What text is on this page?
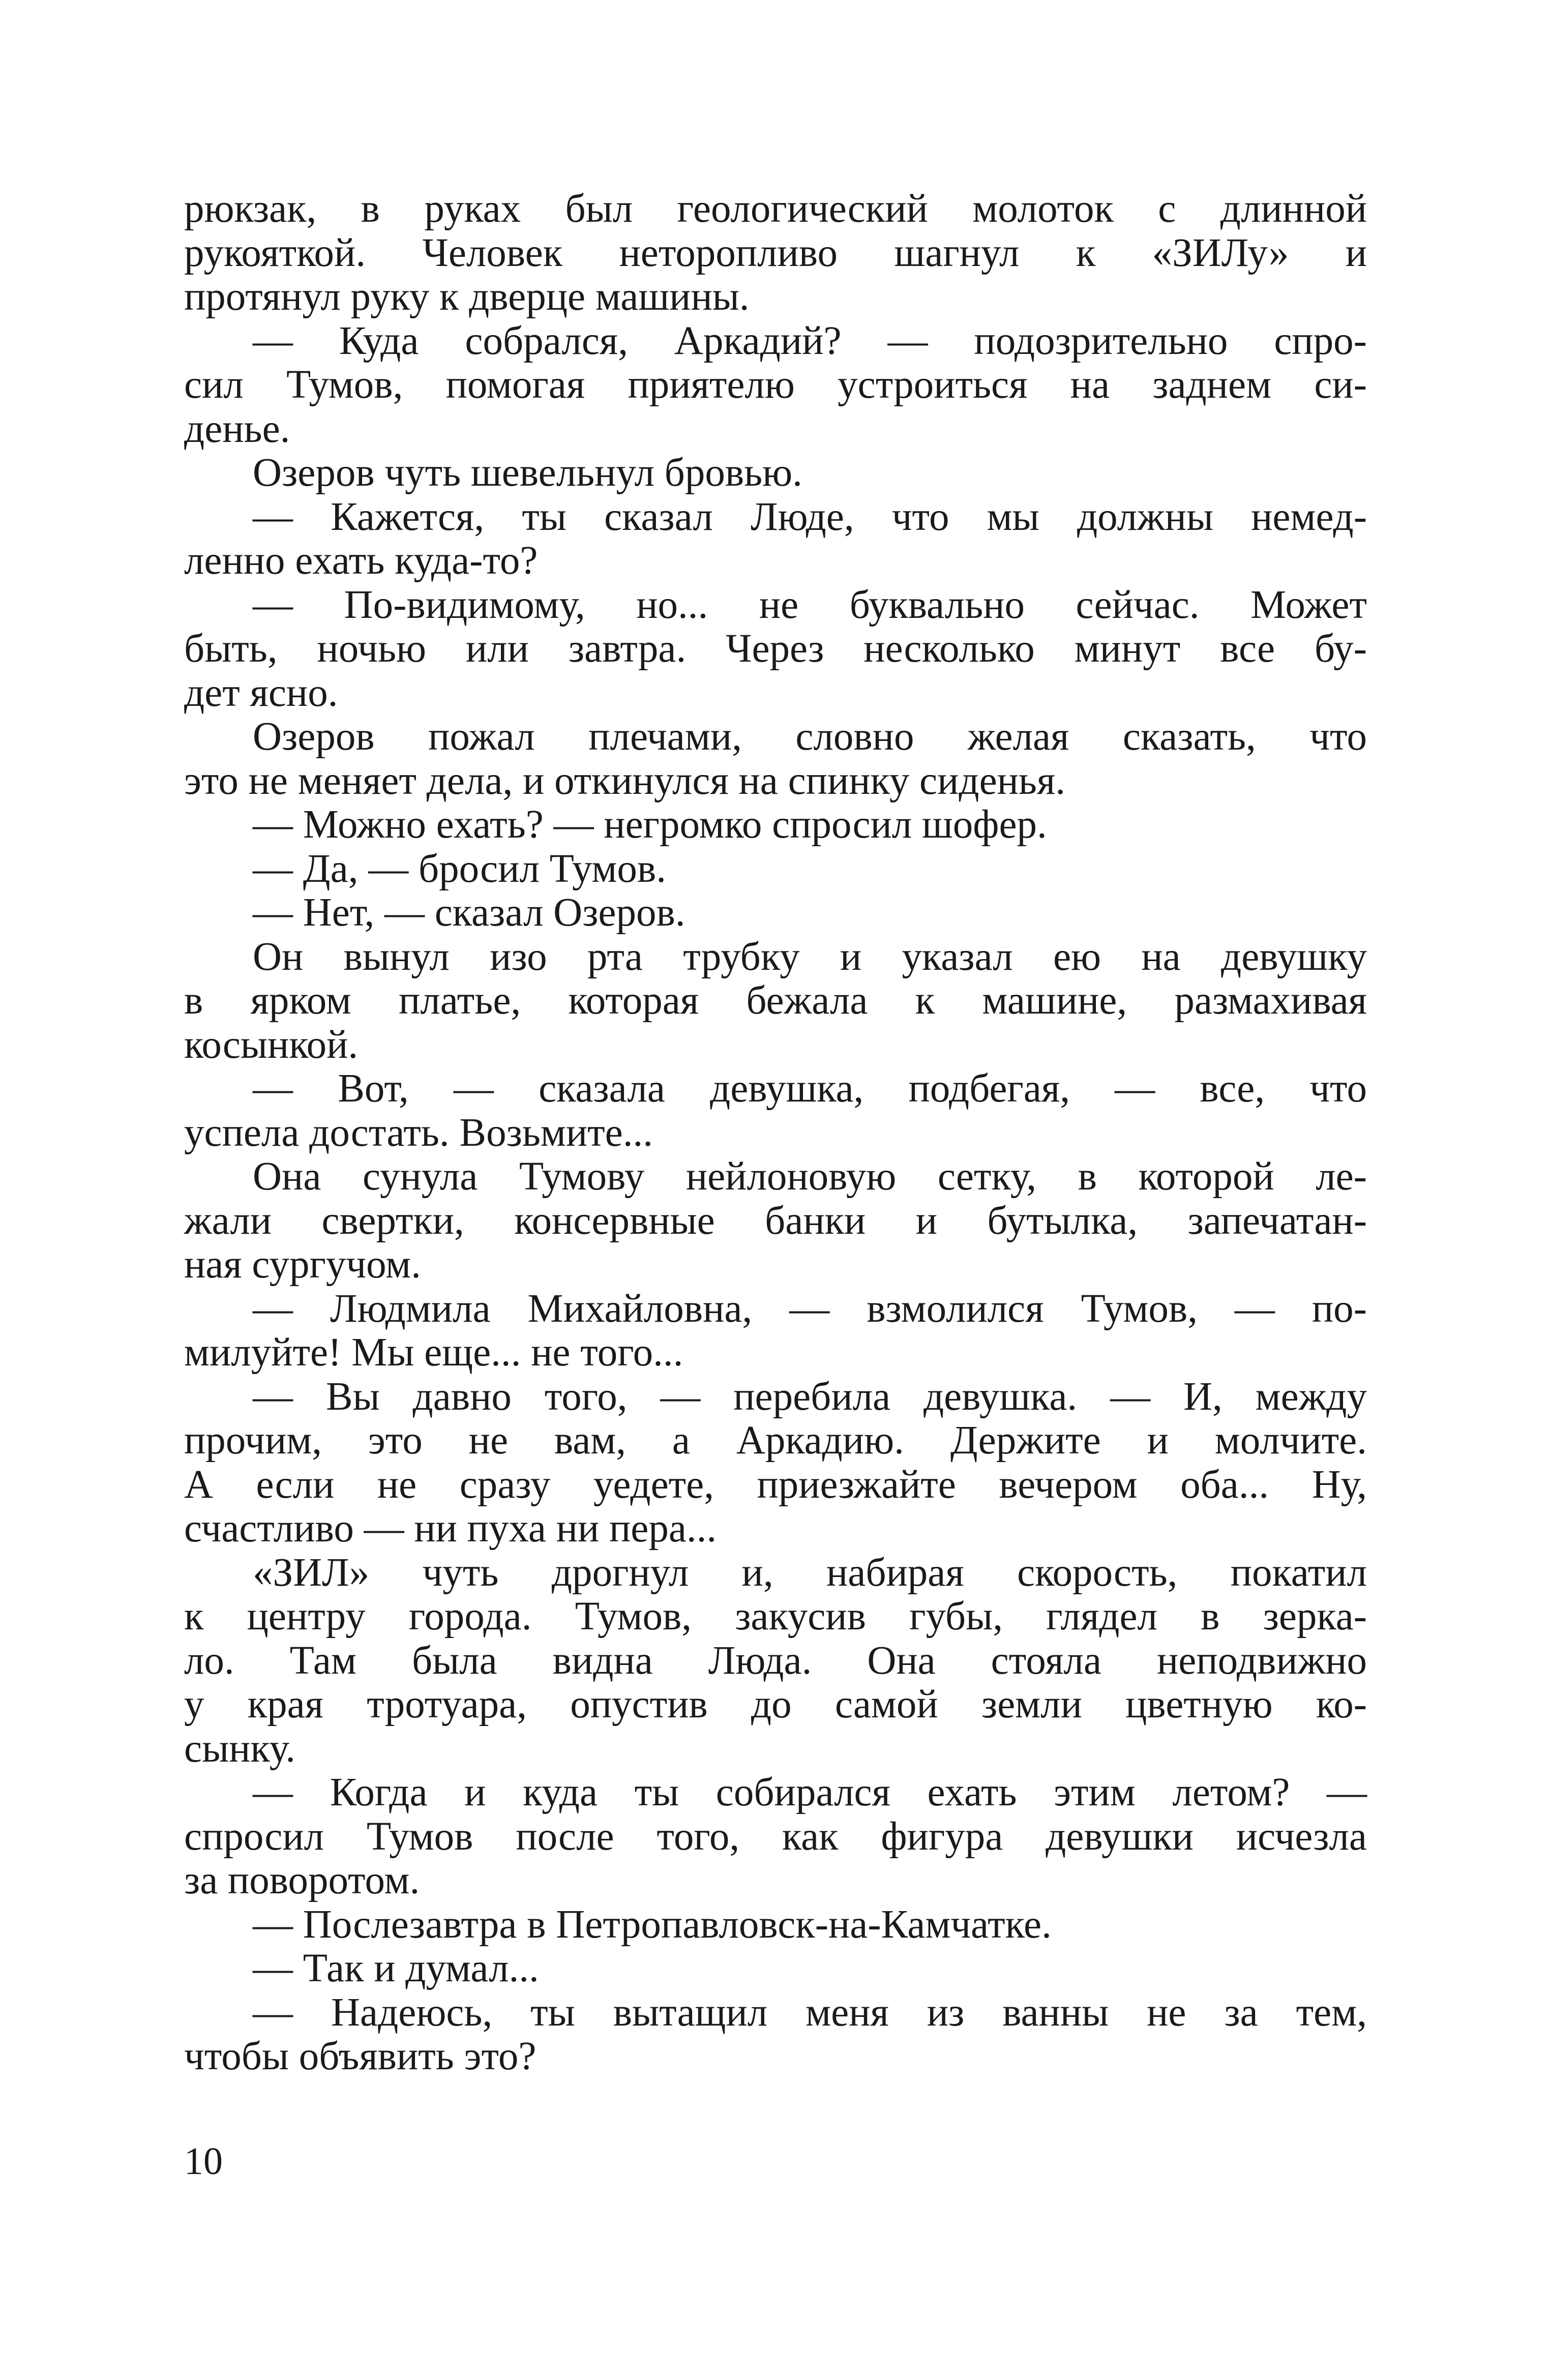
рюкзак, в руках был геологический молоток с длинной
рукояткой. Человек неторопливо шагнул к «ЗИЛу» и
протянул руку к дверце машины.
— Куда собрался, Аркадий? — подозрительно спро-
сил Тумов, помогая приятелю устроиться на заднем си-
денье.
Озеров чуть шевельнул бровью.
— Кажется, ты сказал Люде, что мы должны немед-
ленно ехать куда-то?
— По-видимому, но... не буквально сейчас. Может
быть, ночью или завтра. Через несколько минут все бу-
дет ясно.
Озеров пожал плечами, словно желая сказать, что
это не меняет дела, и откинулся на спинку сиденья.
— Можно ехать? — негромко спросил шофер.
— Да, — бросил Тумов.
— Нет, — сказал Озеров.
Он вынул изо рта трубку и указал ею на девушку
в ярком платье, которая бежала к машине, размахивая
косынкой.
— Вот, — сказала девушка, подбегая, — все, что
успела достать. Возьмите...
Она сунула Тумову нейлоновую сетку, в которой ле-
жали свертки, консервные банки и бутылка, запечатан-
ная сургучом.
— Людмила Михайловна, — взмолился Тумов, — по-
милуйте! Мы еще... не того...
— Вы давно того, — перебила девушка. — И, между
прочим, это не вам, а Аркадию. Держите и молчите.
А если не сразу уедете, приезжайте вечером оба... Ну,
счастливо — ни пуха ни пера...
«ЗИЛ» чуть дрогнул и, набирая скорость, покатил
к центру города. Тумов, закусив губы, глядел в зерка-
ло. Там была видна Люда. Она стояла неподвижно
у края тротуара, опустив до самой земли цветную ко-
сынку.
— Когда и куда ты собирался ехать этим летом? —
спросил Тумов после того, как фигура девушки исчезла
за поворотом.
— Послезавтра в Петропавловск-на-Камчатке.
— Так и думал...
— Надеюсь, ты вытащил меня из ванны не за тем,
чтобы объявить это?
10
